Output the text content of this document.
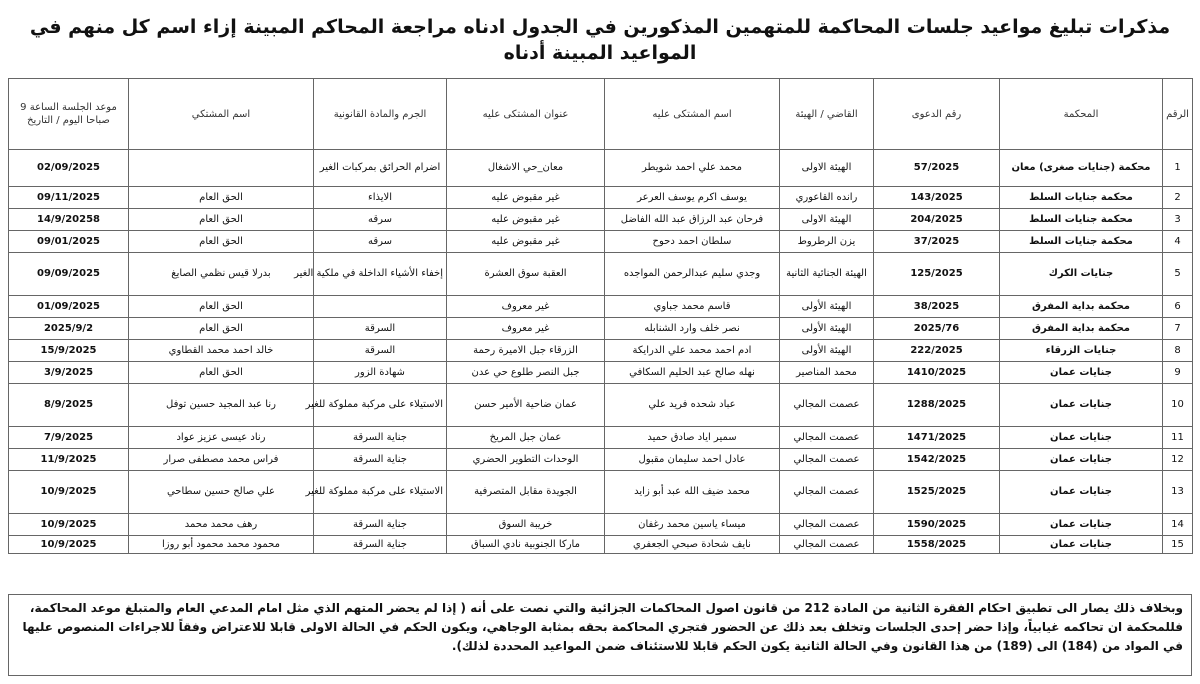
مذكرات تبليغ مواعيد جلسات المحاكمة للمتهمين المذكورين في الجدول ادناه مراجعة المحاكم المبينة إزاء اسم كل منهم في المواعيد المبينة أدناه
الرقم	المحكمة	رقم الدعوى	القاضي / الهيئة	اسم المشتكى عليه	عنوان المشتكى عليه	الجرم والمادة القانونية	اسم المشتكي	موعد الجلسة الساعة 9 صباحا اليوم / التاريخ
1	محكمة (جنايات صغرى) معان	57/2025	الهيئة الاولى	محمد علي احمد شويطر	معان_حي الاشغال	اضرام الحرائق بمركبات الغير		02/09/2025
2	محكمة جنايات السلط	143/2025	رانده القاعوري	يوسف اكرم يوسف العرعر	غير مقبوض عليه	الايذاء	الحق العام	09/11/2025
3	محكمة جنايات السلط	204/2025	الهيئة الاولى	فرحان عبد الرزاق عبد الله الفاضل	غير مقبوض عليه	سرقه	الحق العام	14/9/20258
4	محكمة جنايات السلط	37/2025	يزن الرطروط	سلطان احمد دحوح	غير مقبوض عليه	سرقه	الحق العام	09/01/2025
5	جنايات الكرك	125/2025	الهيئة الجنائية الثانية	وجدي سليم عبدالرحمن المواجده	العقبة سوق العشرة	إخفاء الأشياء الداخلة في ملكية الغير	بدرلا قيس نظمي الصايغ	09/09/2025
6	محكمة بداية المفرق	38/2025	الهيئة الأولى	قاسم محمد جباوي	غير معروف		الحق العام	01/09/2025
7	محكمة بداية المفرق	2025/76	الهيئة الأولى	نصر خلف وارد الشنابله	غير معروف	السرقة	الحق العام	2025/9/2
8	جنايات الزرقاء	222/2025	الهيئة الأولى	ادم احمد محمد علي الدرايكة	الزرقاء جبل الاميرة رحمة	السرقة	خالد احمد محمد القطاوي	15/9/2025
9	جنايات عمان	1410/2025	محمد المناصير	نهله صالح عبد الحليم السكافي	جبل النصر طلوع حي عدن	شهادة الزور	الحق العام	3/9/2025
10	جنايات عمان	1288/2025	عصمت المجالي	عباد شحده فريد علي	عمان ضاحية الأمير حسن	الاستيلاء على مركبة مملوكة للغير	رنا عبد المجيد حسين توفل	8/9/2025
11	جنايات عمان	1471/2025	عصمت المجالي	سمير اياد صادق حميد	عمان جبل المريخ	جناية السرقة	رناد عيسى عزيز عواد	7/9/2025
12	جنايات عمان	1542/2025	عصمت المجالي	عادل احمد سليمان مقبول	الوحدات التطوير الحضري	جناية السرقة	فراس محمد مصطفى صرار	11/9/2025
13	جنايات عمان	1525/2025	عصمت المجالي	محمد ضيف الله عبد أبو زايد	الجويدة مقابل المتصرفية	الاستيلاء على مركبة مملوكة للغير	علي صالح حسين سطاحي	10/9/2025
14	جنايات عمان	1590/2025	عصمت المجالي	ميساء ياسين محمد رغفان	خريبة السوق	جناية السرقة	رهف محمد محمد	10/9/2025
15	جنايات عمان	1558/2025	عصمت المجالي	نايف شحادة صبحي الجعفري	ماركا الجنوبية نادي السباق	جناية السرقة	محمود محمد محمود أبو روزا	10/9/2025
وبخلاف ذلك يصار الى تطبيق احكام الفقرة الثانية من المادة 212 من قانون اصول المحاكمات الجزائية والتي نصت على أنه ( إذا لم يحضر المتهم الذي مثل امام المدعي العام والمتبلغ موعد المحاكمة، فللمحكمة ان تحاكمه غيابياً، وإذا حضر إحدى الجلسات وتخلف بعد ذلك عن الحضور فتجري المحاكمة بحقه بمثابة الوجاهي، ويكون الحكم في الحالة الاولى قابلا للاعتراض وفقاً للاجراءات المنصوص عليها في المواد من (184) الى (189) من هذا القانون وفي الحالة الثانية يكون الحكم قابلا للاستئناف ضمن المواعيد المحددة لذلك).
